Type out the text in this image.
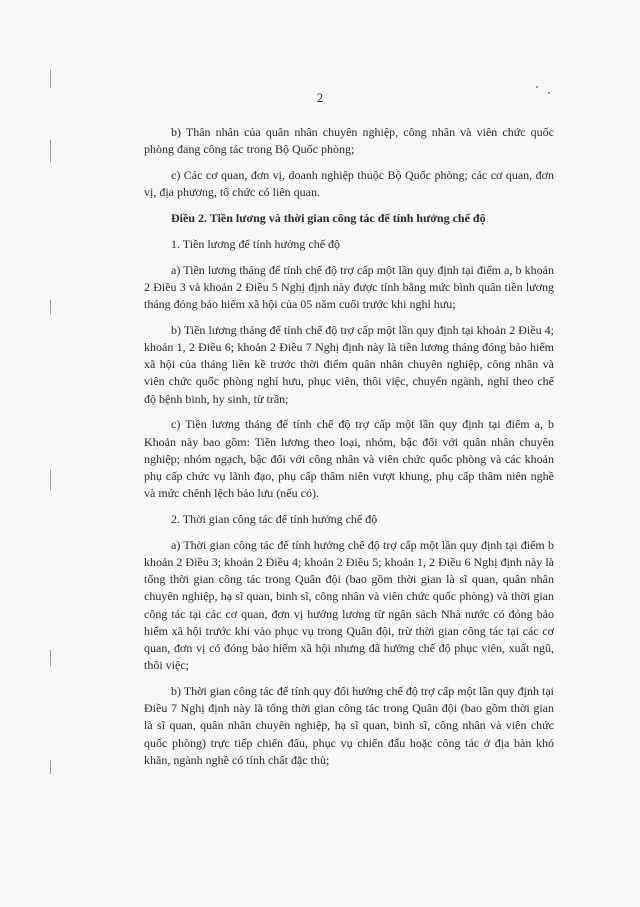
2

b) Thân nhân của quân nhân chuyên nghiệp, công nhân và viên chức quốc phòng đang công tác trong Bộ Quốc phòng;

c) Các cơ quan, đơn vị, doanh nghiệp thuộc Bộ Quốc phòng; các cơ quan, đơn vị, địa phương, tổ chức có liên quan.

Điều 2. Tiền lương và thời gian công tác để tính hưởng chế độ

1. Tiền lương để tính hưởng chế độ

a) Tiền lương tháng để tính chế độ trợ cấp một lần quy định tại điểm a, b khoản 2 Điều 3 và khoản 2 Điều 5 Nghị định này được tính bằng mức bình quân tiền lương tháng đóng bảo hiểm xã hội của 05 năm cuối trước khi nghỉ hưu;

b) Tiền lương tháng để tính chế độ trợ cấp một lần quy định tại khoản 2 Điều 4; khoản 1, 2 Điều 6; khoản 2 Điều 7 Nghị định này là tiền lương tháng đóng bảo hiểm xã hội của tháng liền kề trước thời điểm quân nhân chuyên nghiệp, công nhân và viên chức quốc phòng nghỉ hưu, phục viên, thôi việc, chuyển ngành, nghỉ theo chế độ bệnh binh, hy sinh, từ trần;

c) Tiền lương tháng để tính chế độ trợ cấp một lần quy định tại điểm a, b Khoản này bao gồm: Tiền lương theo loại, nhóm, bậc đối với quân nhân chuyên nghiệp; nhóm ngạch, bậc đối với công nhân và viên chức quốc phòng và các khoản phụ cấp chức vụ lãnh đạo, phụ cấp thâm niên vượt khung, phụ cấp thâm niên nghề và mức chênh lệch bảo lưu (nếu có).

2. Thời gian công tác để tính hưởng chế độ

a) Thời gian công tác để tính hưởng chế độ trợ cấp một lần quy định tại điểm b khoản 2 Điều 3; khoản 2 Điều 4; khoản 2 Điều 5; khoản 1, 2 Điều 6 Nghị định này là tổng thời gian công tác trong Quân đội (bao gồm thời gian là sĩ quan, quân nhân chuyên nghiệp, hạ sĩ quan, binh sĩ, công nhân và viên chức quốc phòng) và thời gian công tác tại các cơ quan, đơn vị hưởng lương từ ngân sách Nhà nước có đóng bảo hiểm xã hội trước khi vào phục vụ trong Quân đội, trừ thời gian công tác tại các cơ quan, đơn vị có đóng bảo hiểm xã hội nhưng đã hưởng chế độ phục viên, xuất ngũ, thôi việc;

b) Thời gian công tác để tính quy đổi hưởng chế độ trợ cấp một lần quy định tại Điều 7 Nghị định này là tổng thời gian công tác trong Quân đội (bao gồm thời gian là sĩ quan, quân nhân chuyên nghiệp, hạ sĩ quan, binh sĩ, công nhân và viên chức quốc phòng) trực tiếp chiến đấu, phục vụ chiến đấu hoặc công tác ở địa bàn khó khăn, ngành nghề có tính chất đặc thù;
